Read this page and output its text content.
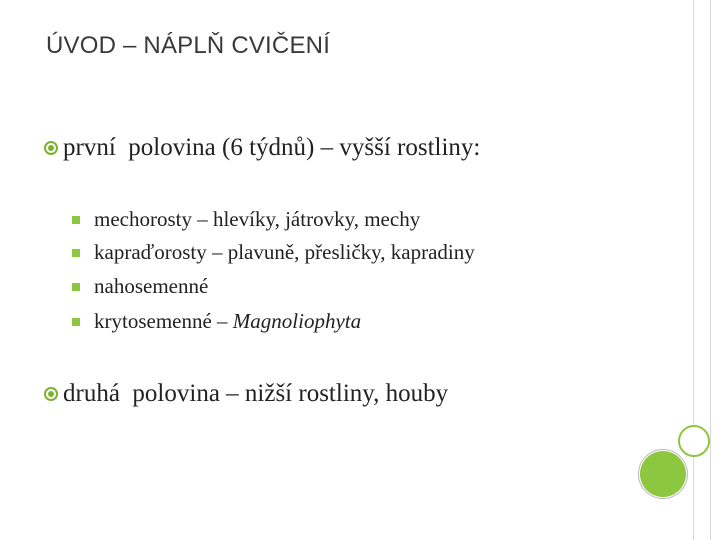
ÚVOD – NÁPLŇ CVIČENÍ
první  polovina (6 týdnů) – vyšší rostliny:
mechorosty – hlevíky, játrovky, mechy
kapraďorosty – plavuně, přesličky, kapradiny
nahosemenné
krytosemenné – Magnoliophyta
druhá  polovina – nižší rostliny, houby
